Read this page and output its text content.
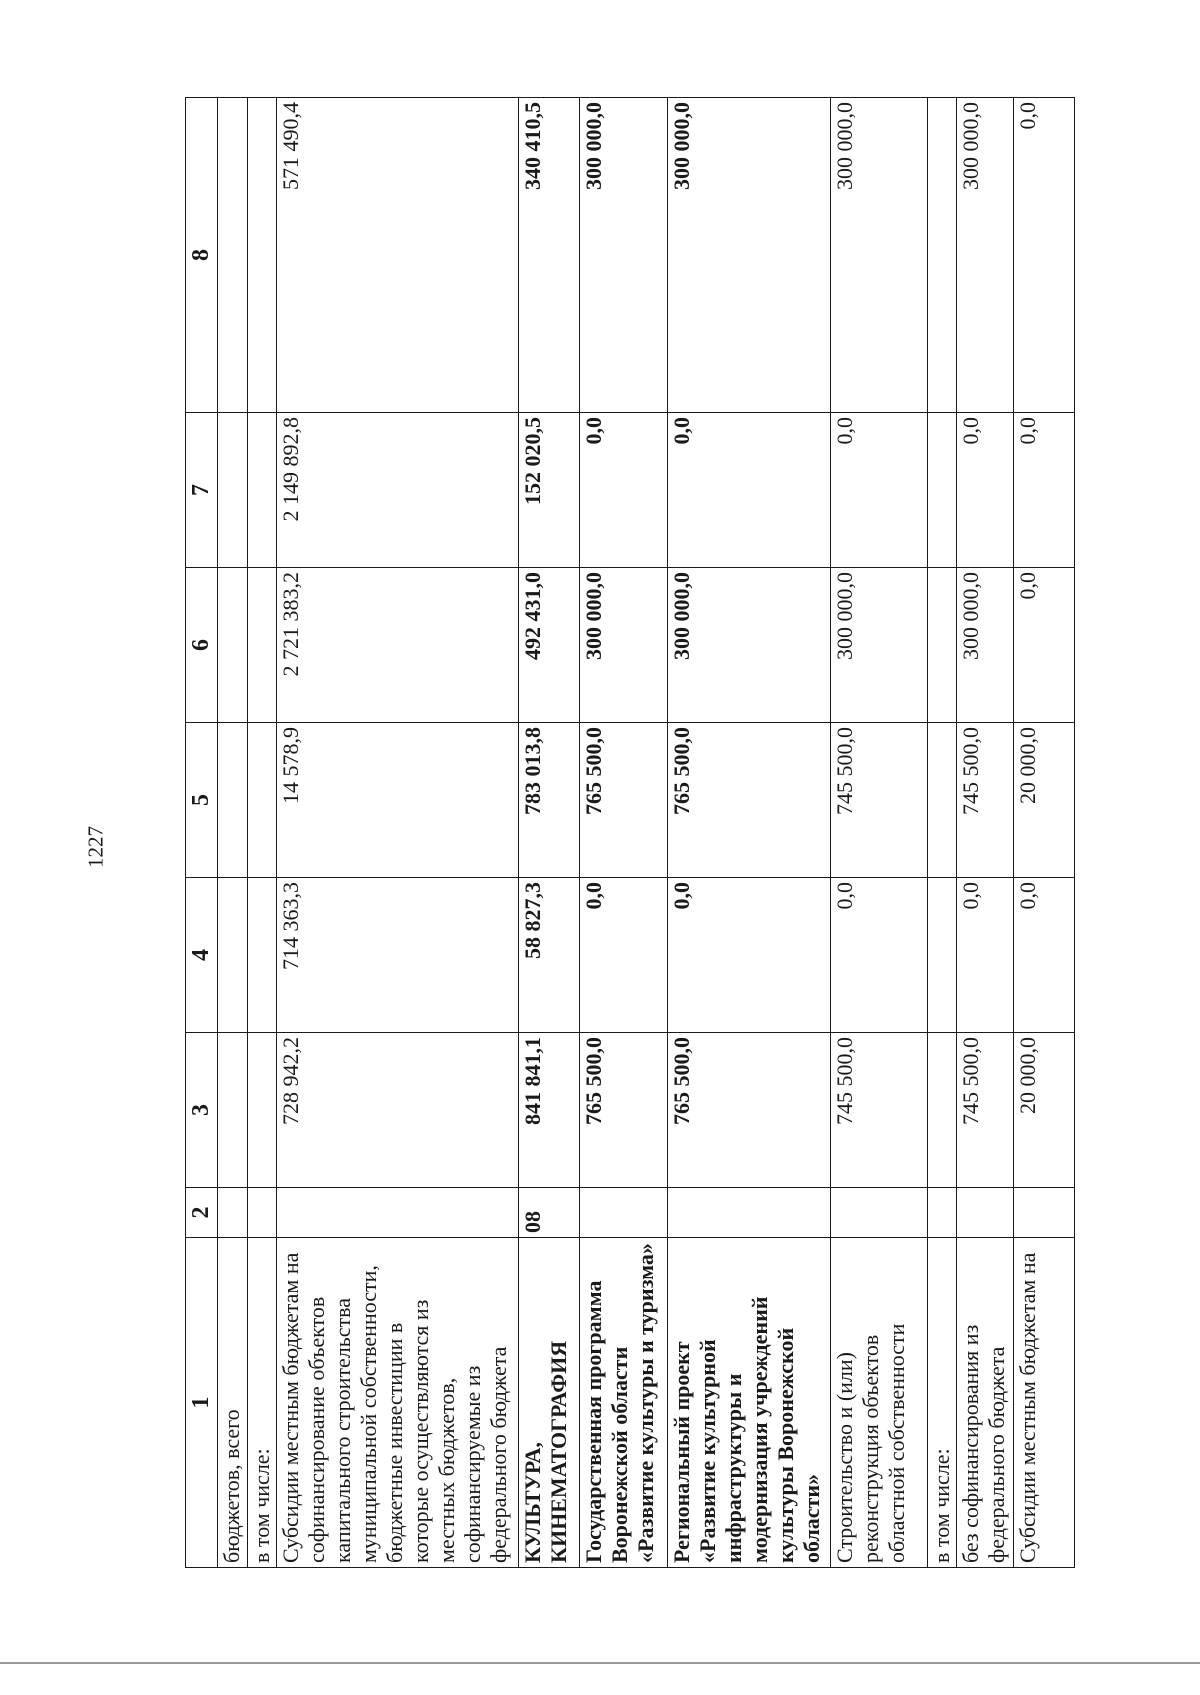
1227
1	2	3	4	5	6	7	8
бюджетов, всего							
в том числе:							
Субсидии местным бюджетам на софинансирование объектов капитального строительства муниципальной собственности, бюджетные инвестиции в которые осуществляются из местных бюджетов, софинансируемые из федерального бюджета		728 942,2	714 363,3	14 578,9	2 721 383,2	2 149 892,8	571 490,4
КУЛЬТУРА, КИНЕМАТОГРАФИЯ	08	841 841,1	58 827,3	783 013,8	492 431,0	152 020,5	340 410,5
Государственная программа Воронежской области «Развитие культуры и туризма»		765 500,0	0,0	765 500,0	300 000,0	0,0	300 000,0
Региональный проект «Развитие культурной инфраструктуры и модернизация учреждений культуры Воронежской области»		765 500,0	0,0	765 500,0	300 000,0	0,0	300 000,0
Строительство и (или) реконструкция объектов областной собственности		745 500,0	0,0	745 500,0	300 000,0	0,0	300 000,0
в том числе:							
без софинансирования из федерального бюджета		745 500,0	0,0	745 500,0	300 000,0	0,0	300 000,0
Субсидии местным бюджетам на		20 000,0	0,0	20 000,0	0,0	0,0	0,0
